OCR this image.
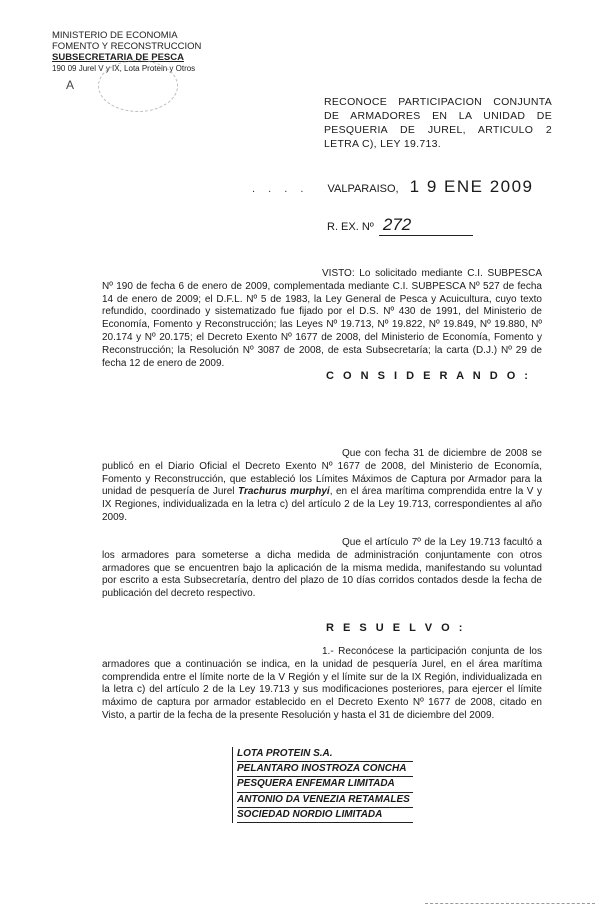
MINISTERIO DE ECONOMIA
FOMENTO Y RECONSTRUCCION
SUBSECRETARIA DE PESCA
190 09 Jurel V y IX, Lota Protein y Otros
A
RECONOCE PARTICIPACION CONJUNTA DE ARMADORES EN LA UNIDAD DE PESQUERIA DE JUREL, ARTICULO 2 LETRA C), LEY 19.713.
. . . . VALPARAISO, 1 9 ENE 2009
R. EX. Nº 272
VISTO: Lo solicitado mediante C.I. SUBPESCA Nº 190 de fecha 6 de enero de 2009, complementada mediante C.I. SUBPESCA Nº 527 de fecha 14 de enero de 2009; el D.F.L. Nº 5 de 1983, la Ley General de Pesca y Acuicultura, cuyo texto refundido, coordinado y sistematizado fue fijado por el D.S. Nº 430 de 1991, del Ministerio de Economía, Fomento y Reconstrucción; las Leyes Nº 19.713, Nº 19.822, Nº 19.849, Nº 19.880, Nº 20.174 y Nº 20.175; el Decreto Exento Nº 1677 de 2008, del Ministerio de Economía, Fomento y Reconstrucción; la Resolución Nº 3087 de 2008, de esta Subsecretaría; la carta (D.J.) Nº 29 de fecha 12 de enero de 2009.
C O N S I D E R A N D O :
Que con fecha 31 de diciembre de 2008 se publicó en el Diario Oficial el Decreto Exento Nº 1677 de 2008, del Ministerio de Economía, Fomento y Reconstrucción, que estableció los Límites Máximos de Captura por Armador para la unidad de pesquería de Jurel Trachurus murphyi, en el área marítima comprendida entre la V y IX Regiones, individualizada en la letra c) del artículo 2 de la Ley 19.713, correspondientes al año 2009.
Que el artículo 7º de la Ley 19.713 facultó a los armadores para someterse a dicha medida de administración conjuntamente con otros armadores que se encuentren bajo la aplicación de la misma medida, manifestando su voluntad por escrito a esta Subsecretaría, dentro del plazo de 10 días corridos contados desde la fecha de publicación del decreto respectivo.
R E S U E L V O :
1.- Reconócese la participación conjunta de los armadores que a continuación se indica, en la unidad de pesquería Jurel, en el área marítima comprendida entre el límite norte de la V Región y el límite sur de la IX Región, individualizada en la letra c) del artículo 2 de la Ley 19.713 y sus modificaciones posteriores, para ejercer el límite máximo de captura por armador establecido en el Decreto Exento Nº 1677 de 2008, citado en Visto, a partir de la fecha de la presente Resolución y hasta el 31 de diciembre del 2009.
LOTA PROTEIN S.A.
PELANTARO INOSTROZA CONCHA
PESQUERA ENFEMAR LIMITADA
ANTONIO DA VENEZIA RETAMALES
SOCIEDAD NORDIO LIMITADA
